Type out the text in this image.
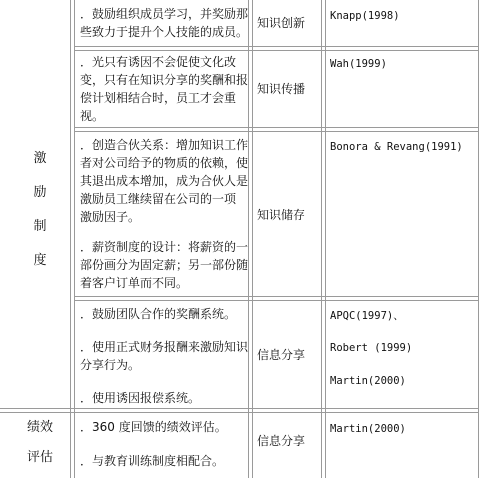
激
励
制
度
绩效
评估
．鼓励组织成员学习，并奖励那
些致力于提升个人技能的成员。
知识创新 Knapp(1998)
．光只有诱因不会促使文化改
变，只有在知识分享的奖酬和报
偿计划相结合时，员工才会重
视。
知识传播
Wah(1999)
．创造合伙关系：增加知识工作
者对公司给予的物质的依赖，使
其退出成本增加，成为合伙人是
激励员工继续留在公司的一项
激励因子。
．薪资制度的设计：将薪资的一
部份画分为固定薪；另一部份随
着客户订单而不同。
知识储存
Bonora & Revang(1991)
．鼓励团队合作的奖酬系统。
．使用正式财务报酬来激励知识
分享行为。
．使用诱因报偿系统。
信息分享
APQC(1997)、
Robert (1999)
Martin(2000)
．360 度回馈的绩效评估。
．与教育训练制度相配合。
信息分享
Martin(2000)
